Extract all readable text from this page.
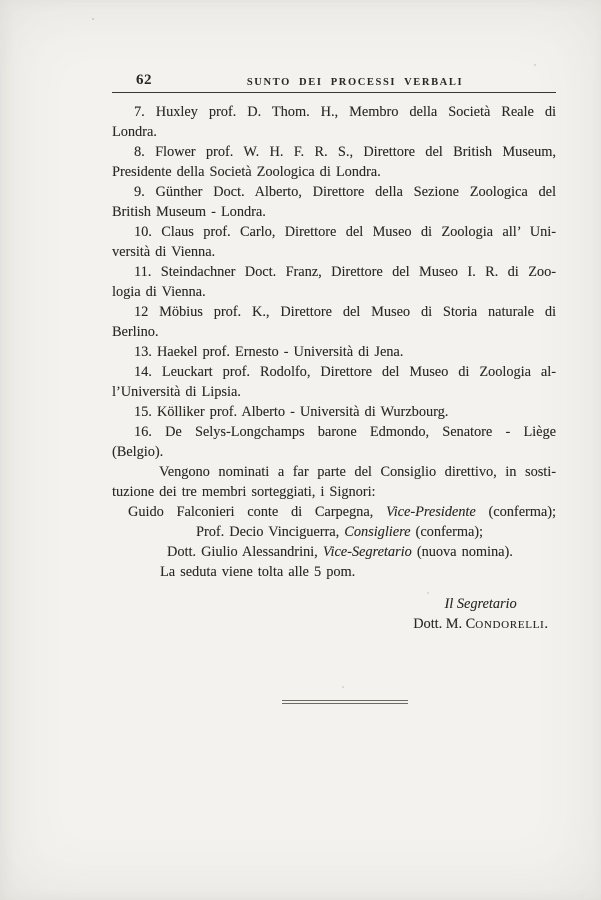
62	SUNTO DEI PROCESSI VERBALI
7. Huxley prof. D. Thom. H., Membro della Società Reale di
Londra.
8. Flower prof. W. H. F. R. S., Direttore del British Museum,
Presidente della Società Zoologica di Londra.
9. Günther Doct. Alberto, Direttore della Sezione Zoologica del
British Museum - Londra.
10. Claus prof. Carlo, Direttore del Museo di Zoologia all’ Uni-
versità di Vienna.
11. Steindachner Doct. Franz, Direttore del Museo I. R. di Zoo-
logia di Vienna.
12 Möbius prof. K., Direttore del Museo di Storia naturale di
Berlino.
13. Haekel prof. Ernesto - Università di Jena.
14. Leuckart prof. Rodolfo, Direttore del Museo di Zoologia al-
l’Università di Lipsia.
15. Kölliker prof. Alberto - Università di Wurzbourg.
16. De Selys-Longchamps barone Edmondo, Senatore - Liège
(Belgio).
Vengono nominati a far parte del Consiglio direttivo, in sosti-
tuzione dei tre membri sorteggiati, i Signori:
Guido Falconieri conte di Carpegna, Vice-Presidente (conferma);
Prof. Decio Vinciguerra, Consigliere (conferma);
Dott. Giulio Alessandrini, Vice-Segretario (nuova nomina).
La seduta viene tolta alle 5 pom.
Il Segretario
Dott. M. CONDORELLI.
